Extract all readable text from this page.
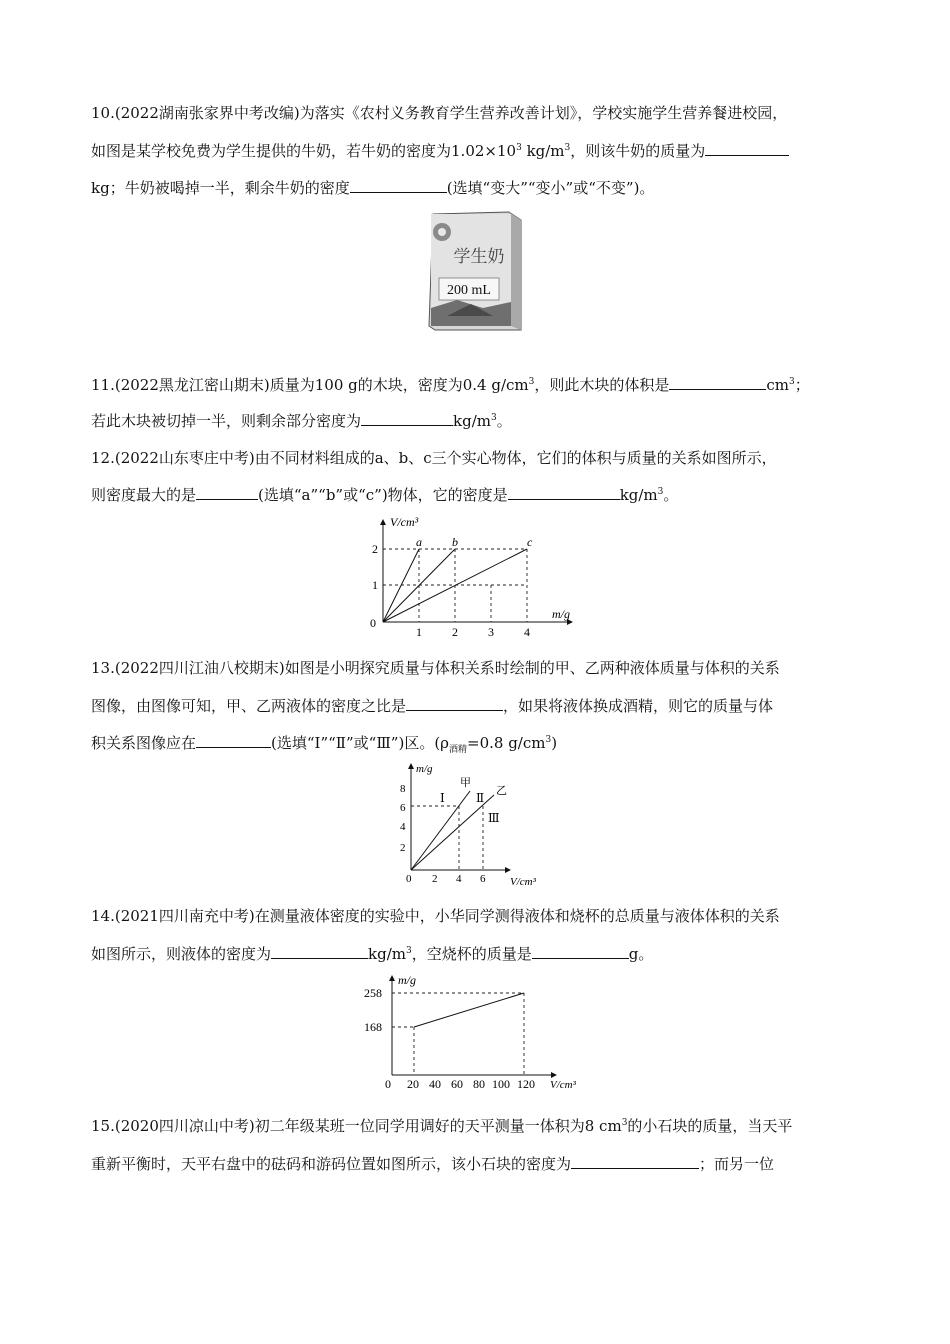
10.(2022湖南张家界中考改编)为落实《农村义务教育学生营养改善计划》，学校实施学生营养餐进校园，
如图是某学校免费为学生提供的牛奶，若牛奶的密度为$1.02\times 10^3$ $kg/m^3$，则该牛奶的质量为
kg；牛奶被喝掉一半，剩余牛奶的密度	(选填“变大”“变小”或“不变”)。
学生奶
200 mL
11.(2022黑龙江密山期末)质量为100 g的木块，密度为0.4 $g/cm^3$，则此木块的体积是	$cm^3$；
若此木块被切掉一半，则剩余部分密度为	$kg/m^3$。
12.(2022山东枣庄中考)由不同材料组成的a、b、c三个实心物体，它们的体积与质量的关系如图所示，
则密度最大的是	(选填“a”“b”或“c”)物体，它的密度是	$kg/m^3$。
V/cm³
m/g
0
a	b	c
2
1
1	2	3	4
13.(2022四川江油八校期末)如图是小明探究质量与体积关系时绘制的甲、乙两种液体质量与体积的关系
图像，由图像可知，甲、乙两液体的密度之比是	，如果将液体换成酒精，则它的质量与体
积关系图像应在	(选填“Ⅰ”“Ⅱ”或“Ⅲ”)区。($\rho_{酒精}=0.8$ $g/cm^3$)
m/g
V/cm³
0
甲
乙
Ⅰ	Ⅱ
Ⅲ
8
6
4
2
2 4 6
14.(2021四川南充中考)在测量液体密度的实验中，小华同学测得液体和烧杯的总质量与液体体积的关系
如图所示，则液体的密度为	$kg/m^3$，空烧杯的质量是	g。
m/g
V/cm³
0
258
168
20 40 60 80 100 120
15.(2020四川凉山中考)初二年级某班一位同学用调好的天平测量一体积为8 $cm^3$的小石块的质量，当天平
重新平衡时，天平右盘中的砝码和游码位置如图所示，该小石块的密度为	；而另一位
